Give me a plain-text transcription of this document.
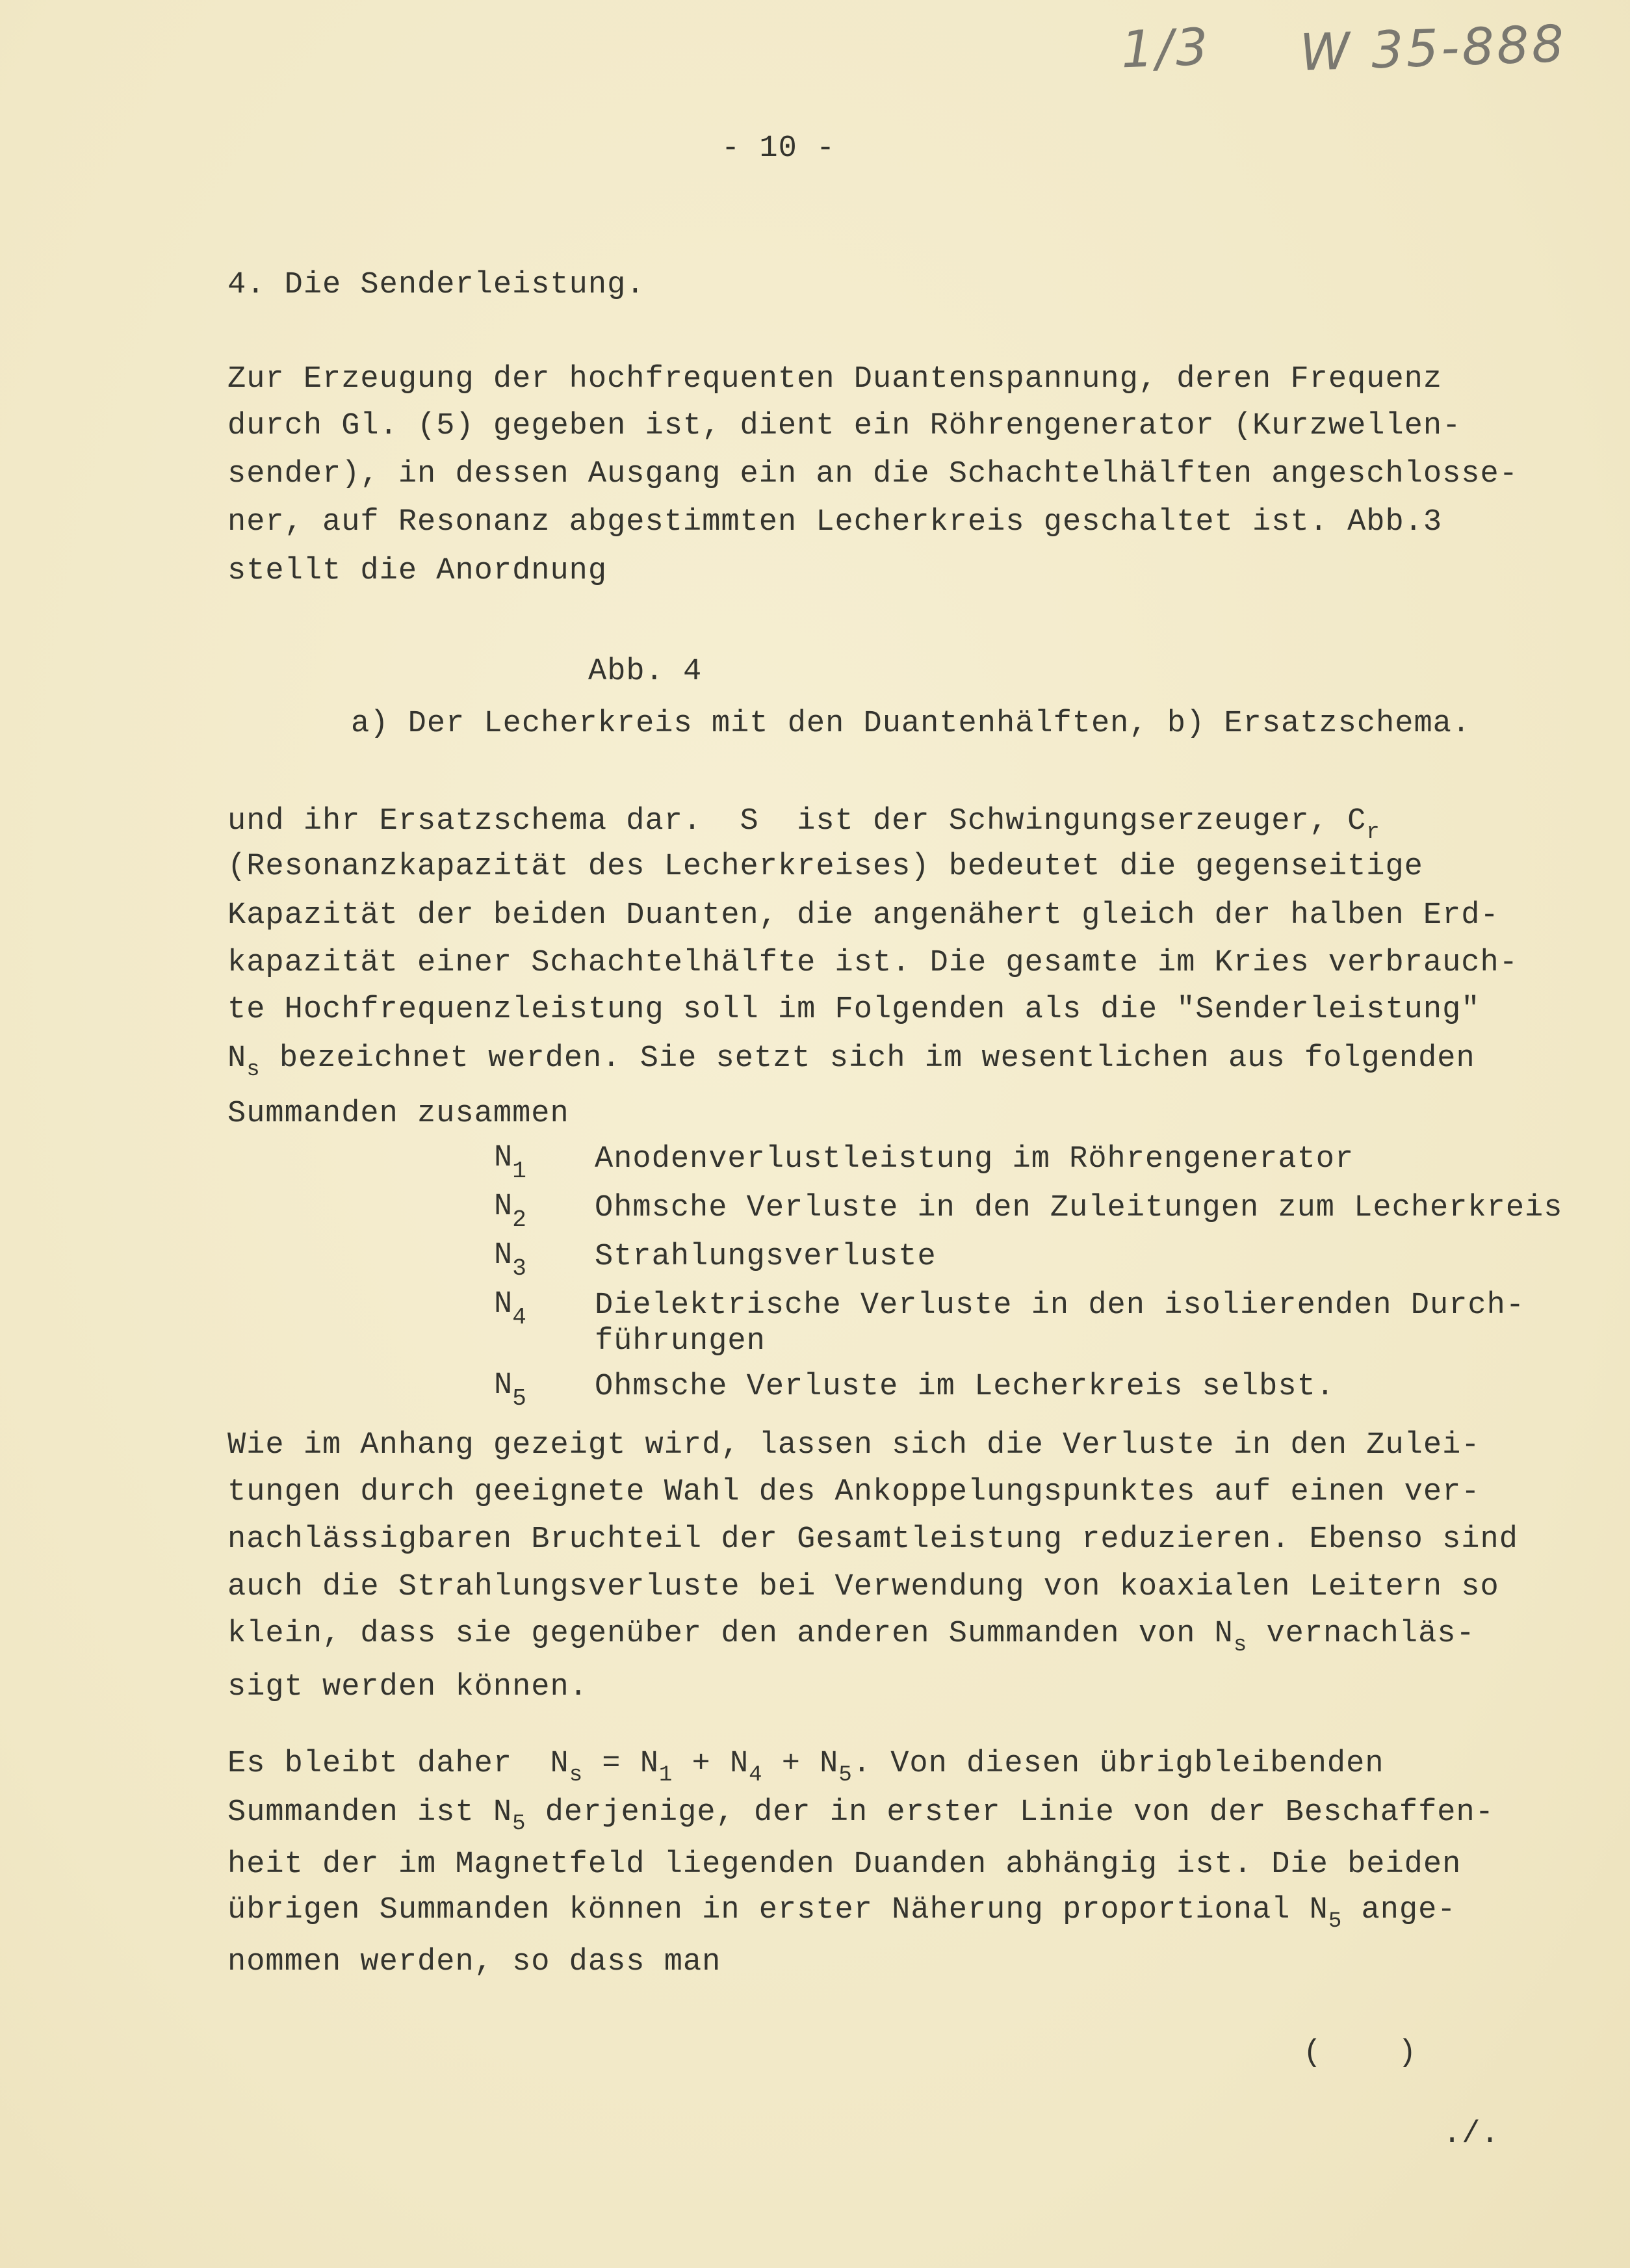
1/3 W 35-888
- 10 -
4. Die Senderleistung.
Zur Erzeugung der hochfrequenten Duantenspannung, deren Frequenz
durch Gl. (5) gegeben ist, dient ein Röhrengenerator (Kurzwellen-
sender), in dessen Ausgang ein an die Schachtelhälften angeschlosse-
ner, auf Resonanz abgestimmten Lecherkreis geschaltet ist. Abb.3
stellt die Anordnung
Abb. 4
a) Der Lecherkreis mit den Duantenhälften, b) Ersatzschema.
und ihr Ersatzschema dar.  S  ist der Schwingungserzeuger, $C_r$
(Resonanzkapazität des Lecherkreises) bedeutet die gegenseitige
Kapazität der beiden Duanten, die angenähert gleich der halben Erd-
kapazität einer Schachtelhälfte ist. Die gesamte im Kries verbrauch-
te Hochfrequenzleistung soll im Folgenden als die "Senderleistung"
$N_s$ bezeichnet werden. Sie setzt sich im wesentlichen aus folgenden
Summanden zusammen
$N_1$ Anodenverlustleistung im Röhrengenerator
$N_2$ Ohmsche Verluste in den Zuleitungen zum Lecherkreis
$N_3$ Strahlungsverluste
$N_4$ Dielektrische Verluste in den isolierenden Durch-
führungen
$N_5$ Ohmsche Verluste im Lecherkreis selbst.
Wie im Anhang gezeigt wird, lassen sich die Verluste in den Zulei-
tungen durch geeignete Wahl des Ankoppelungspunktes auf einen ver-
nachlässigbaren Bruchteil der Gesamtleistung reduzieren. Ebenso sind
auch die Strahlungsverluste bei Verwendung von koaxialen Leitern so
klein, dass sie gegenüber den anderen Summanden von $N_s$ vernachläs-
sigt werden können.
Es bleibt daher  $N_s = N_1 + N_4 + N_5$. Von diesen übrigbleibenden
Summanden ist $N_5$ derjenige, der in erster Linie von der Beschaffen-
heit der im Magnetfeld liegenden Duanden abhängig ist. Die beiden
übrigen Summanden können in erster Näherung proportional $N_5$ ange-
nommen werden, so dass man
(    )
./.
